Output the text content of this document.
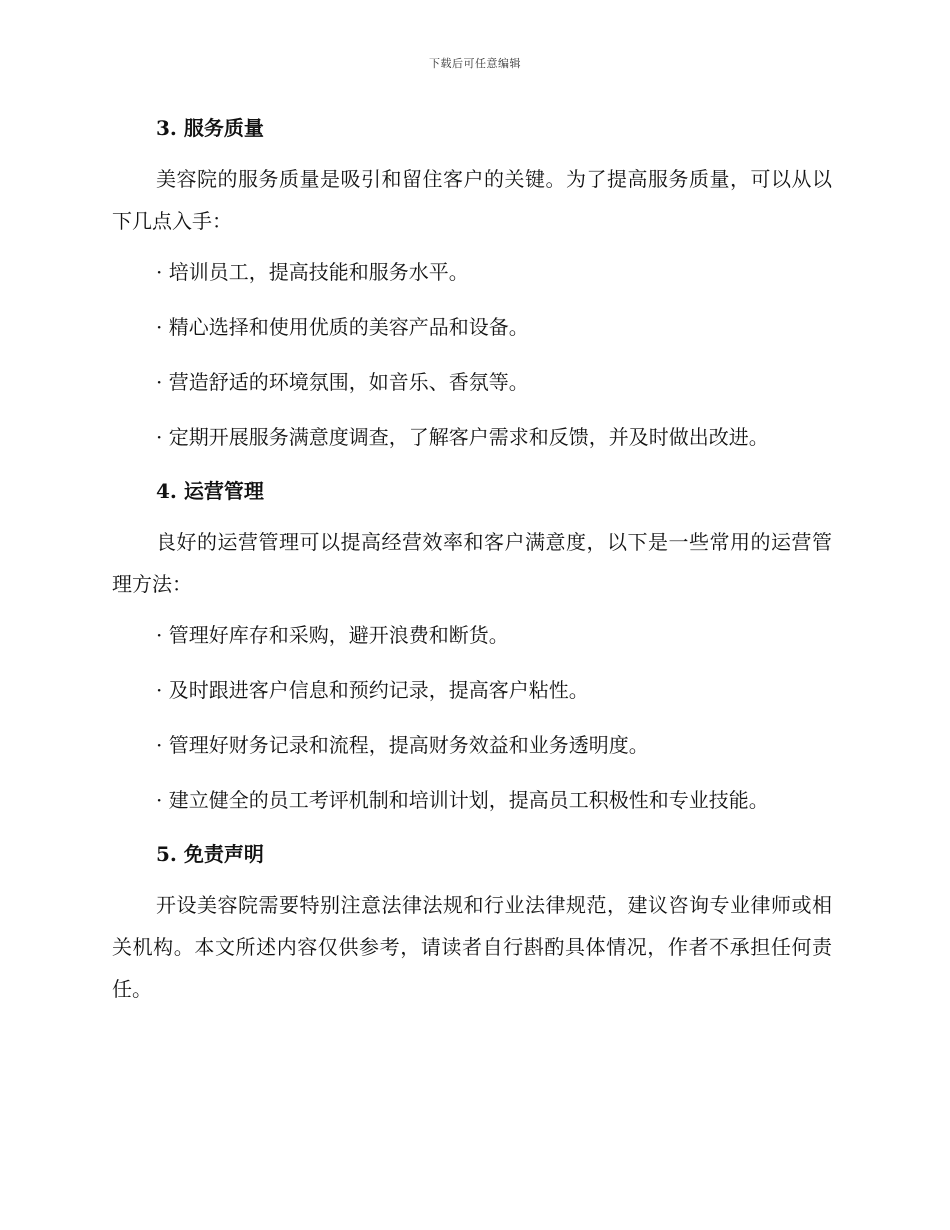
下载后可任意编辑
3. 服务质量

美容院的服务质量是吸引和留住客户的关键。为了提高服务质量，可以从以下几点入手：

· 培训员工，提高技能和服务水平。
· 精心选择和使用优质的美容产品和设备。
· 营造舒适的环境氛围，如音乐、香氛等。
· 定期开展服务满意度调查，了解客户需求和反馈，并及时做出改进。
4. 运营管理

良好的运营管理可以提高经营效率和客户满意度，以下是一些常用的运营管理方法：

· 管理好库存和采购，避开浪费和断货。
· 及时跟进客户信息和预约记录，提高客户粘性。
· 管理好财务记录和流程，提高财务效益和业务透明度。
· 建立健全的员工考评机制和培训计划，提高员工积极性和专业技能。
5. 免责声明

开设美容院需要特别注意法律法规和行业法律规范，建议咨询专业律师或相关机构。本文所述内容仅供参考，请读者自行斟酌具体情况，作者不承担任何责任。
